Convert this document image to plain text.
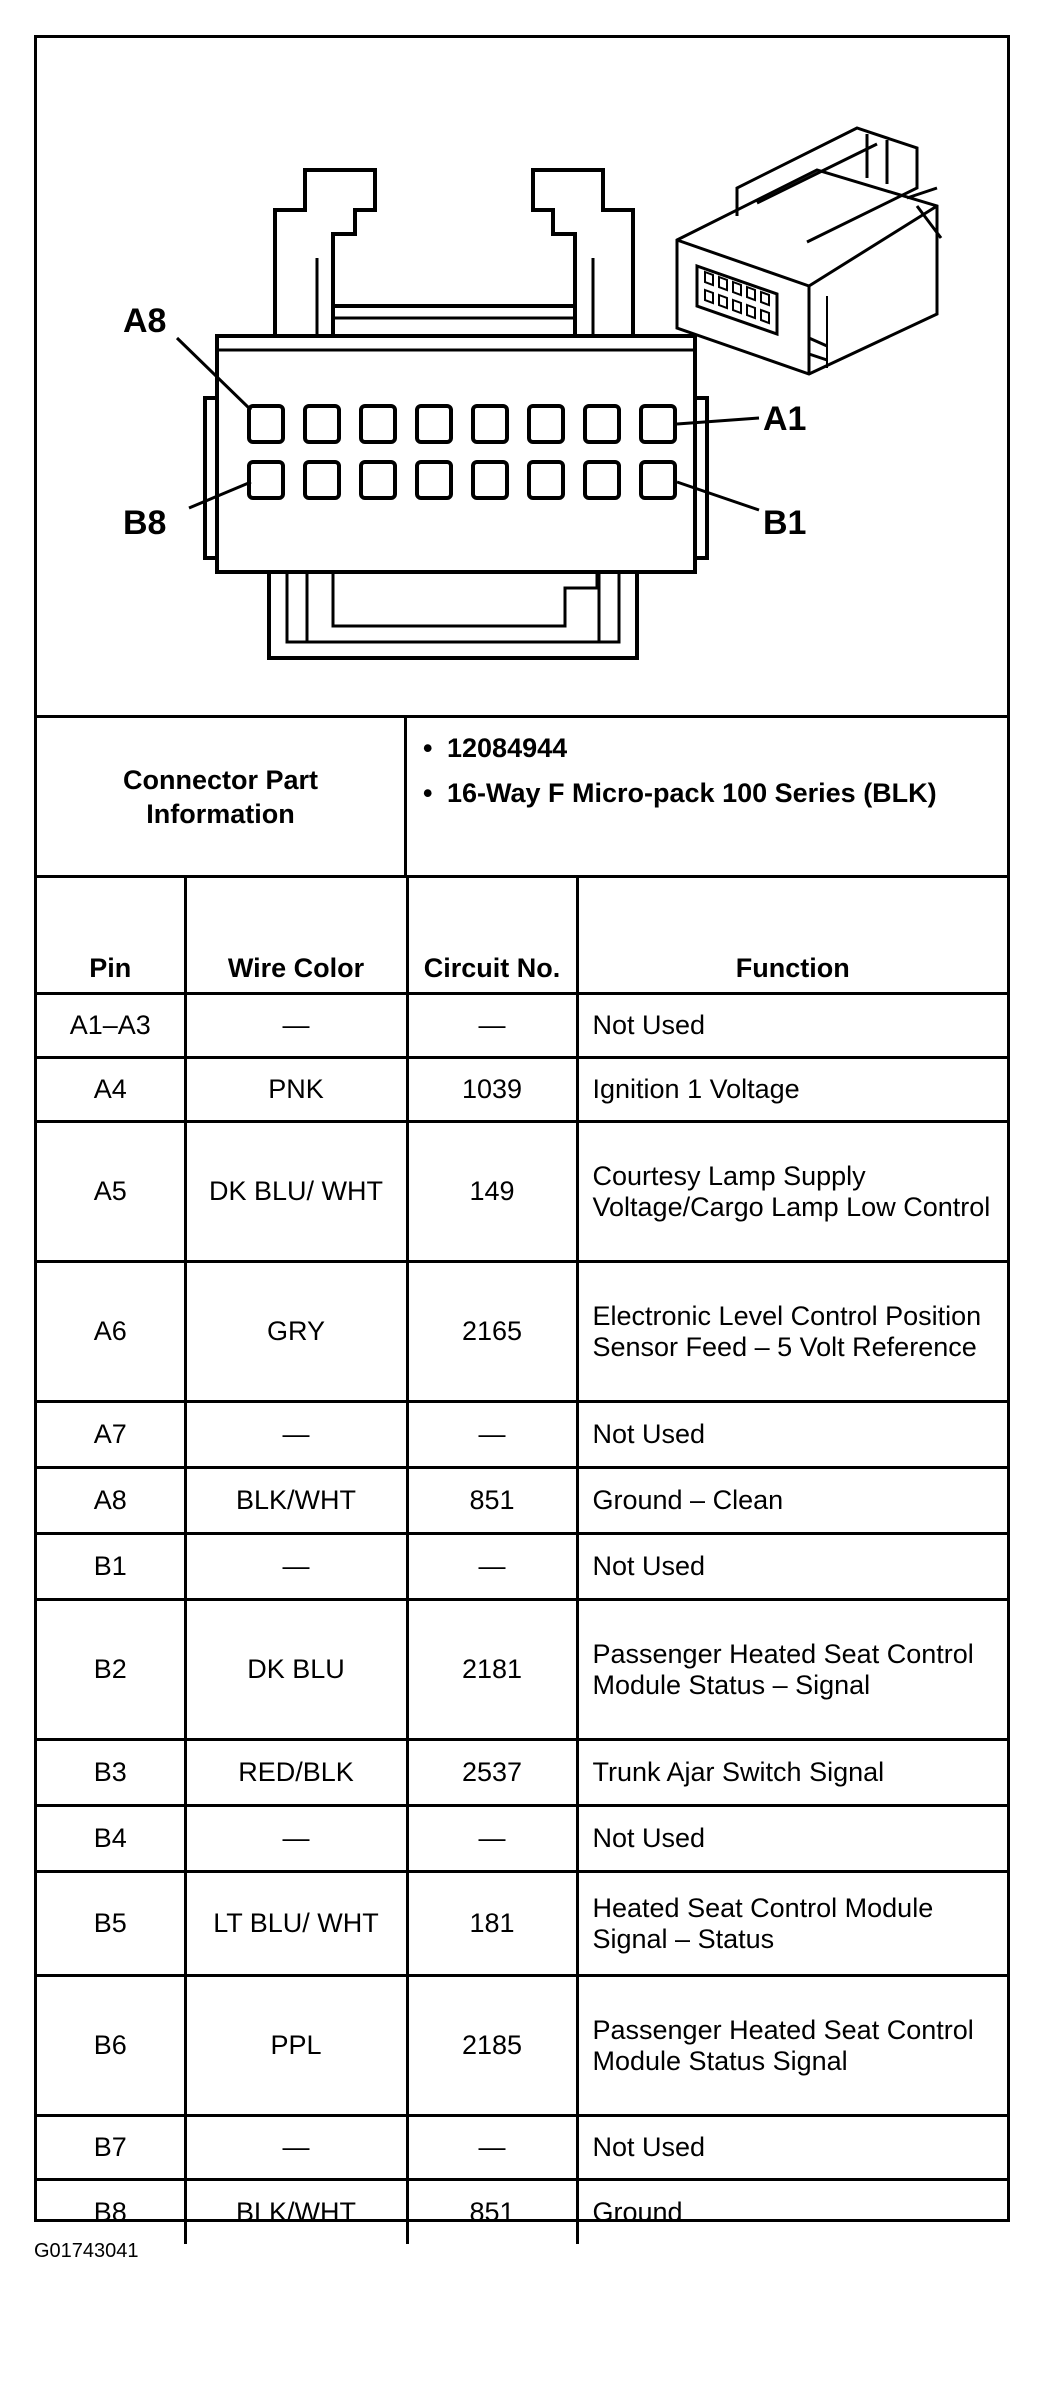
A8
A1
B8	B1
Connector Part Information
• 12084944
• 16-Way F Micro-pack 100 Series (BLK)
Pin	Wire Color	Circuit No.	Function
A1–A3	—	—	Not Used
A4	PNK	1039	Ignition 1 Voltage
A5	DK BLU/ WHT	149	Courtesy Lamp Supply Voltage/Cargo Lamp Low Control
A6	GRY	2165	Electronic Level Control Position Sensor Feed – 5 Volt Reference
A7	—	—	Not Used
A8	BLK/WHT	851	Ground – Clean
B1	—	—	Not Used
B2	DK BLU	2181	Passenger Heated Seat Control Module Status – Signal
B3	RED/BLK	2537	Trunk Ajar Switch Signal
B4	—	—	Not Used
B5	LT BLU/ WHT	181	Heated Seat Control Module Signal – Status
B6	PPL	2185	Passenger Heated Seat Control Module Status Signal
B7	—	—	Not Used
B8	BLK/WHT	851	Ground
G01743041
